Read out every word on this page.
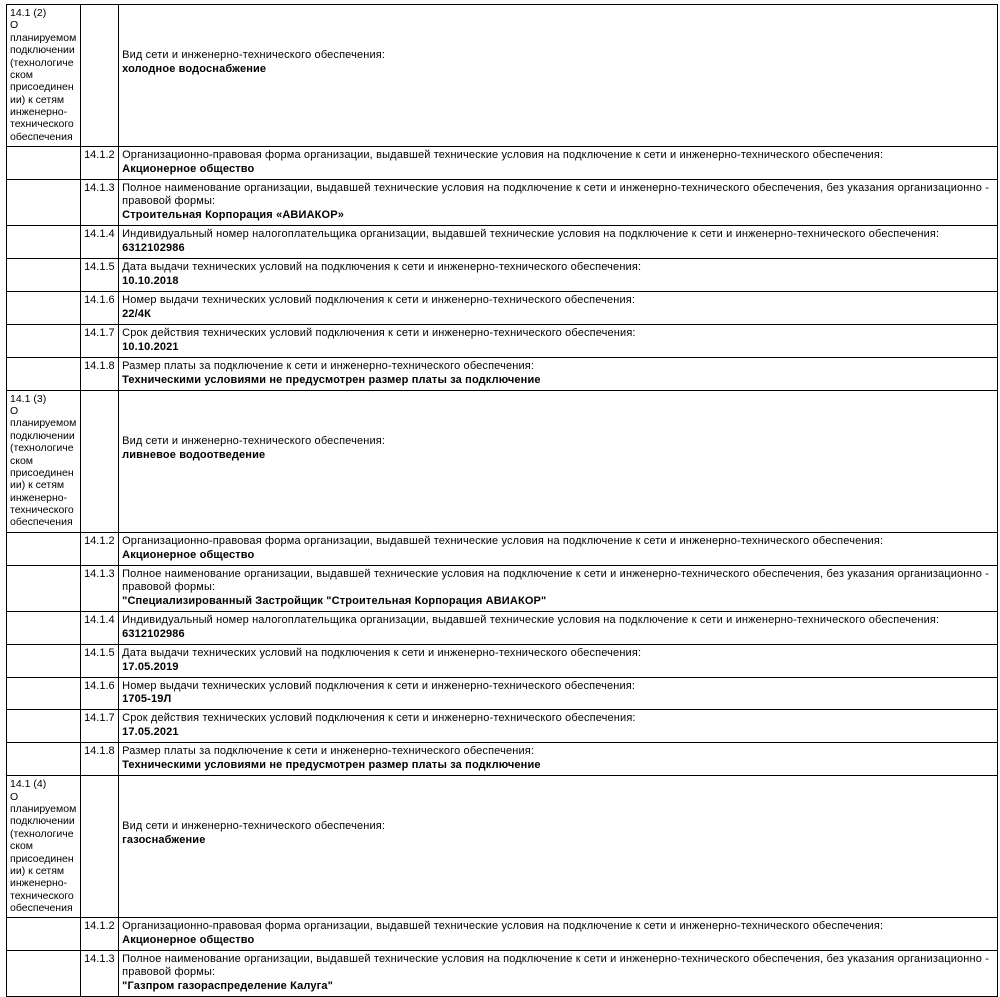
14.1 (2)
О планируемом подключении (технологическом присоединении) к сетям инженерно-технического обеспечения		Вид сети и инженерно-технического обеспечения:
холодное водоснабжение

	14.1.2	Организационно-правовая форма организации, выдавшей технические условия на подключение к сети и инженерно-технического обеспечения:
Акционерное общество

	14.1.3	Полное наименование организации, выдавшей технические условия на подключение к сети и инженерно-технического обеспечения, без указания организационно - правовой формы:
Строительная Корпорация «АВИАКОР»

	14.1.4	Индивидуальный номер налогоплательщика организации, выдавшей технические условия на подключение к сети и инженерно-технического обеспечения:
6312102986

	14.1.5	Дата выдачи технических условий на подключения к сети и инженерно-технического обеспечения:
10.10.2018

	14.1.6	Номер выдачи технических условий подключения к сети и инженерно-технического обеспечения:
22/4К

	14.1.7	Срок действия технических условий подключения к сети и инженерно-технического обеспечения:
10.10.2021

	14.1.8	Размер платы за подключение к сети и инженерно-технического обеспечения:
Техническими условиями не предусмотрен размер платы за подключение

14.1 (3)
О планируемом подключении (технологическом присоединении) к сетям инженерно-технического обеспечения		Вид сети и инженерно-технического обеспечения:
ливневое водоотведение

	14.1.2	Организационно-правовая форма организации, выдавшей технические условия на подключение к сети и инженерно-технического обеспечения:
Акционерное общество

	14.1.3	Полное наименование организации, выдавшей технические условия на подключение к сети и инженерно-технического обеспечения, без указания организационно - правовой формы:
"Специализированный Застройщик "Строительная Корпорация АВИАКОР"

	14.1.4	Индивидуальный номер налогоплательщика организации, выдавшей технические условия на подключение к сети и инженерно-технического обеспечения:
6312102986

	14.1.5	Дата выдачи технических условий на подключения к сети и инженерно-технического обеспечения:
17.05.2019

	14.1.6	Номер выдачи технических условий подключения к сети и инженерно-технического обеспечения:
1705-19Л

	14.1.7	Срок действия технических условий подключения к сети и инженерно-технического обеспечения:
17.05.2021

	14.1.8	Размер платы за подключение к сети и инженерно-технического обеспечения:
Техническими условиями не предусмотрен размер платы за подключение

14.1 (4)
О планируемом подключении (технологическом присоединении) к сетям инженерно-технического обеспечения		Вид сети и инженерно-технического обеспечения:
газоснабжение

	14.1.2	Организационно-правовая форма организации, выдавшей технические условия на подключение к сети и инженерно-технического обеспечения:
Акционерное общество

	14.1.3	Полное наименование организации, выдавшей технические условия на подключение к сети и инженерно-технического обеспечения, без указания организационно - правовой формы:
"Газпром газораспределение Калуга"
